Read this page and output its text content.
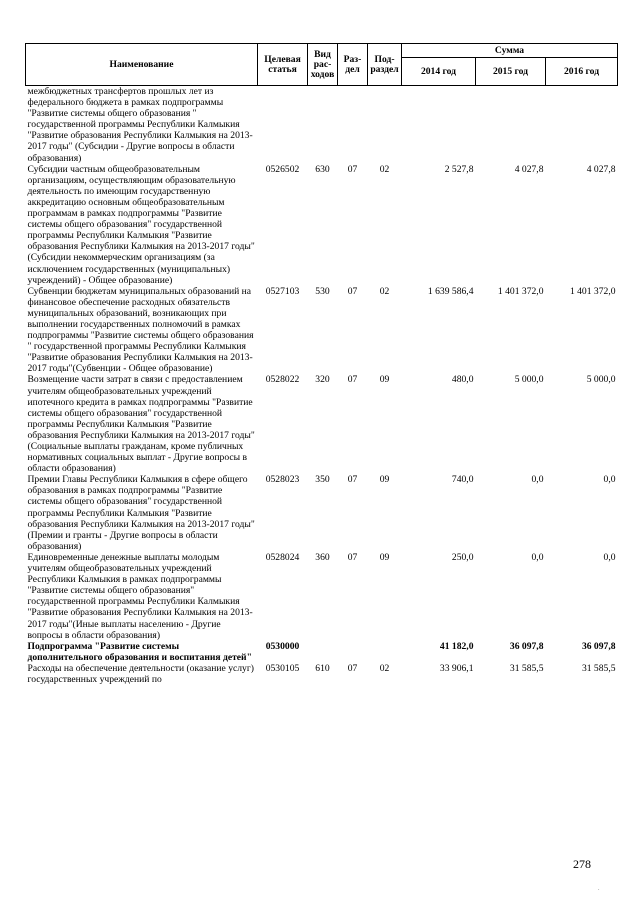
Наименование	Целевая статья	Вид рас-ходов	Раз-дел	Под-раздел	Сумма		
					2014 год	2015 год	2016 год
межбюджетных трансфертов прошлых лет из федерального бюджета в рамках подпрограммы "Развитие системы общего образования " государственной программы Республики Калмыкия "Развитие образования Республики Калмыкия на 2013-2017 годы" (Субсидии - Другие вопросы в области образования)							
Субсидии частным общеобразовательным организациям, осуществляющим образовательную деятельность по имеющим государственную аккредитацию основным общеобразовательным программам в рамках подпрограммы "Развитие системы общего образования" государственной программы Республики Калмыкия "Развитие образования Республики Калмыкия на 2013-2017 годы"(Субсидии некоммерческим организациям (за исключением государственных (муниципальных) учреждений) - Общее образование)	0526502	630	07	02	2 527,8	4 027,8	4 027,8
Субвенции бюджетам муниципальных образований на финансовое обеспечение расходных обязательств муниципальных образований, возникающих при выполнении государственных полномочий в рамках подпрограммы "Развитие системы общего образования " государственной программы Республики Калмыкия "Развитие образования Республики Калмыкия на 2013-2017 годы"(Субвенции - Общее образование)	0527103	530	07	02	1 639 586,4	1 401 372,0	1 401 372,0
Возмещение части затрат в связи с предоставлением учителям общеобразовательных учреждений ипотечного кредита в рамках подпрограммы "Развитие системы общего образования" государственной программы Республики Калмыкия "Развитие образования Республики Калмыкия на 2013-2017 годы"(Социальные выплаты гражданам, кроме публичных нормативных социальных выплат - Другие вопросы в области образования)	0528022	320	07	09	480,0	5 000,0	5 000,0
Премии Главы Республики Калмыкия в сфере общего образования в рамках подпрограммы "Развитие системы общего образования" государственной программы Республики Калмыкия "Развитие образования Республики Калмыкия на 2013-2017 годы"(Премии и гранты - Другие вопросы в области образования)	0528023	350	07	09	740,0	0,0	0,0
Единовременные денежные выплаты молодым учителям общеобразовательных учреждений Республики Калмыкия в рамках подпрограммы "Развитие системы общего образования" государственной программы Республики Калмыкия "Развитие образования Республики Калмыкия на 2013-2017 годы"(Иные выплаты населению - Другие вопросы в области образования)	0528024	360	07	09	250,0	0,0	0,0
Подпрограмма "Развитие системы дополнительного образования и воспитания детей"	0530000				41 182,0	36 097,8	36 097,8
Расходы на обеспечение деятельности (оказание услуг) государственных учреждений по	0530105	610	07	02	33 906,1	31 585,5	31 585,5
278
.
